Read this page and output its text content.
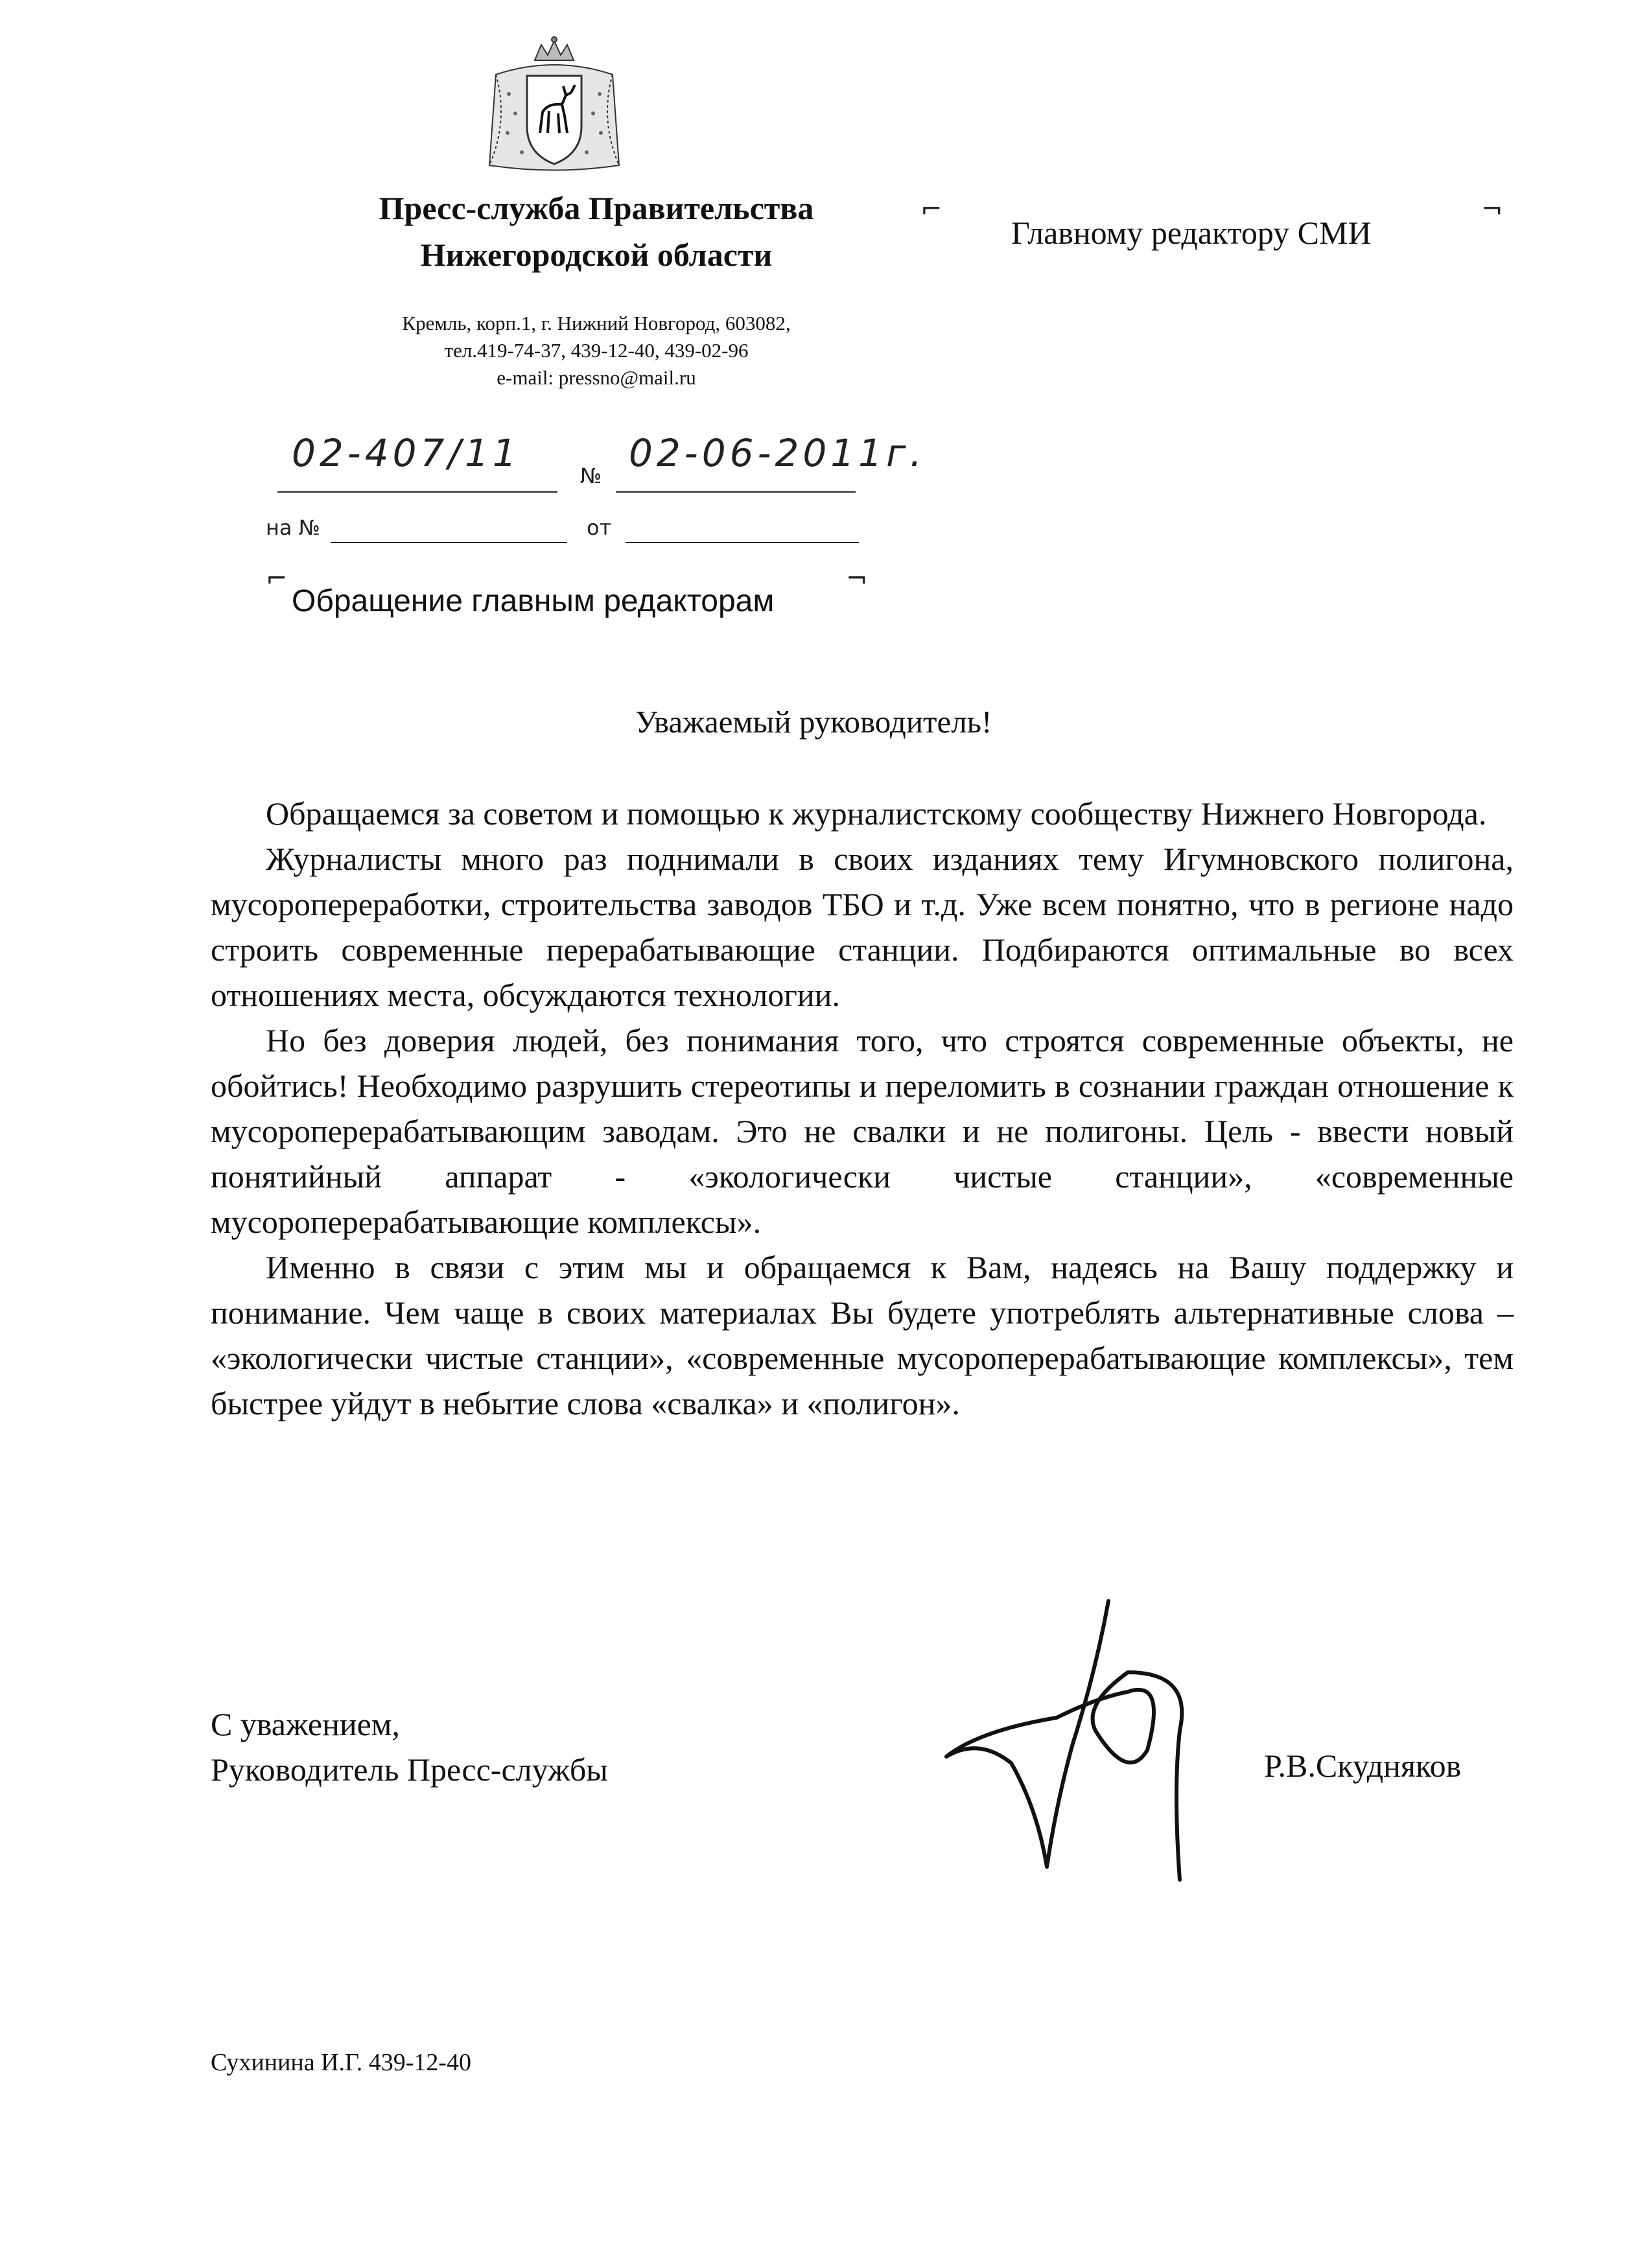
Пресс-служба Правительства
Нижегородской области
Кремль, корп.1, г. Нижний Новгород, 603082,
тел.419-74-37, 439-12-40, 439-02-96
e-mail: pressno@mail.ru
⌐	¬
Главному редактору СМИ
02-407/11
№
02-06-2011г.
на №	от
⌐	¬
Обращение главным редакторам
Уважаемый руководитель!

Обращаемся за советом и помощью к журналистскому сообществу Нижнего Новгорода.

Журналисты много раз поднимали в своих изданиях тему Игумновского полигона, мусоропереработки, строительства заводов ТБО и т.д. Уже всем понятно, что в регионе надо строить современные перерабатывающие станции. Подбираются оптимальные во всех отношениях места, обсуждаются технологии.

Но без доверия людей, без понимания того, что строятся современные объекты, не обойтись! Необходимо разрушить стереотипы и переломить в сознании граждан отношение к мусороперерабатывающим заводам. Это не свалки и не полигоны. Цель - ввести новый понятийный аппарат - «экологически чистые станции», «современные мусороперерабатывающие комплексы».

Именно в связи с этим мы и обращаемся к Вам, надеясь на Вашу поддержку и понимание. Чем чаще в своих материалах Вы будете употреблять альтернативные слова – «экологически чистые станции», «современные мусороперерабатывающие комплексы», тем быстрее уйдут в небытие слова «свалка» и «полигон».

С уважением,
Руководитель Пресс-службы	Р.В.Скудняков
Сухинина И.Г. 439-12-40
